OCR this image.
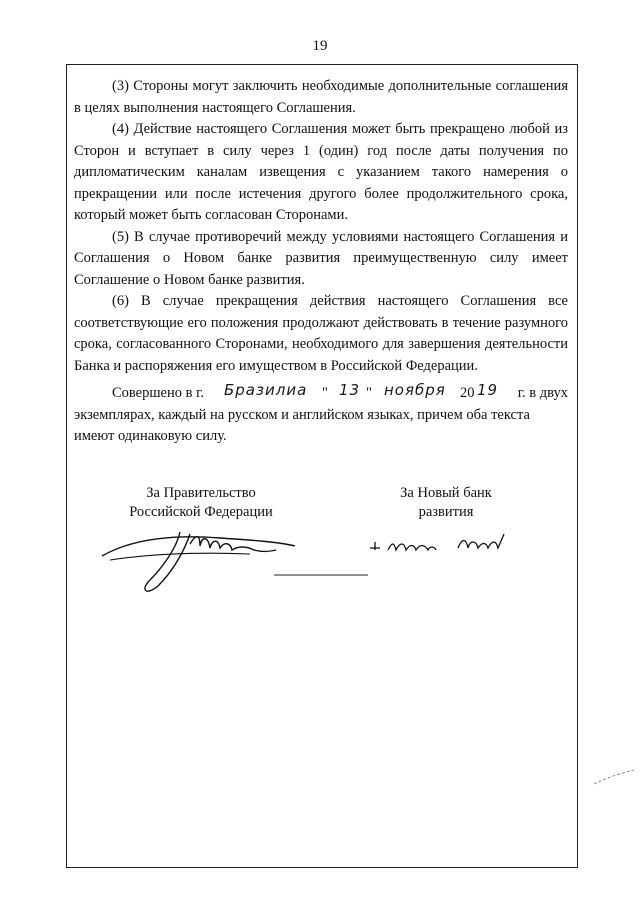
19

(3) Стороны могут заключить необходимые дополнительные соглашения в целях выполнения настоящего Соглашения.

(4) Действие настоящего Соглашения может быть прекращено любой из Сторон и вступает в силу через 1 (один) год после даты получения по дипломатическим каналам извещения с указанием такого намерения о прекращении или после истечения другого более продолжительного срока, который может быть согласован Сторонами.

(5) В случае противоречий между условиями настоящего Соглашения и Соглашения о Новом банке развития преимущественную силу имеет Соглашение о Новом банке развития.

(6) В случае прекращения действия настоящего Соглашения все соответствующие его положения продолжают действовать в течение разумного срока, согласованного Сторонами, необходимого для завершения деятельности Банка и распоряжения его имуществом в Российской Федерации.

Совершено в г. Бразилиа " 13 " ноября 20 19 г. в двух
экземплярах, каждый на русском и английском языках, причем оба текста
имеют одинаковую силу.
За Правительство
Российской Федерации
За Новый банк
развития
